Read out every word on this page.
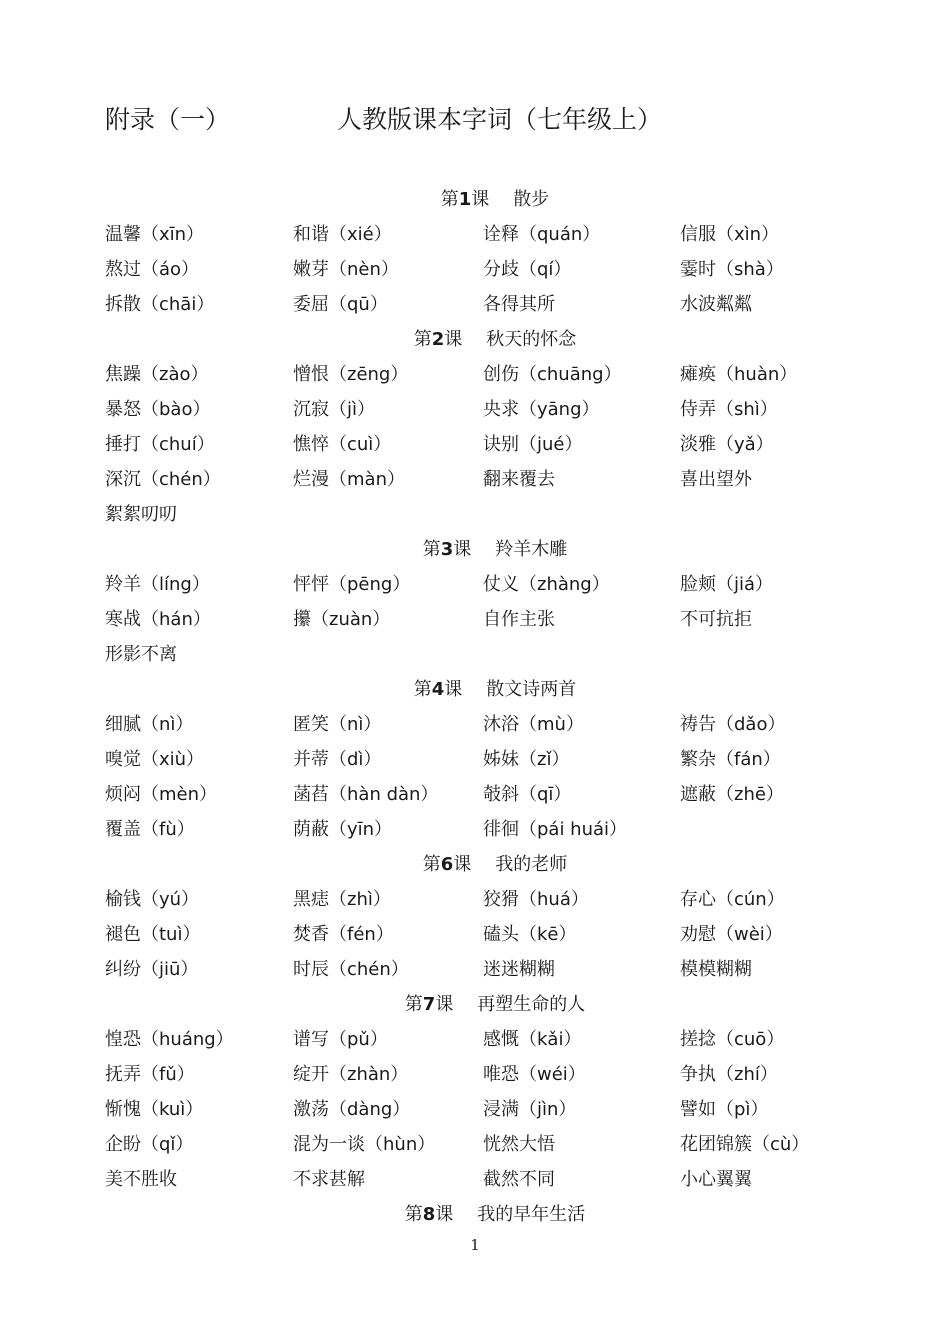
附录（一）	人教版课本字词（七年级上）
第1课 散步
温馨（xīn）	和谐（xié）	诠释（quán）	信服（xìn）
熬过（áo）	嫩芽（nèn）	分歧（qí）	霎时（shà）
拆散（chāi）	委屈（qū）	各得其所	水波粼粼
第2课 秋天的怀念
焦躁（zào）	憎恨（zēng）	创伤（chuāng）	瘫痪（huàn）
暴怒（bào）	沉寂（jì）	央求（yāng）	侍弄（shì）
捶打（chuí）	憔悴（cuì）	诀别（jué）	淡雅（yǎ）
深沉（chén）	烂漫（màn）	翻来覆去	喜出望外
絮絮叨叨
第3课 羚羊木雕
羚羊（líng）	怦怦（pēng）	仗义（zhàng）	脸颊（jiá）
寒战（hán）	攥（zuàn）	自作主张	不可抗拒
形影不离
第4课 散文诗两首
细腻（nì）	匿笑（nì）	沐浴（mù）	祷告（dǎo）
嗅觉（xiù）	并蒂（dì）	姊妹（zǐ）	繁杂（fán）
烦闷（mèn）	菡萏（hàn dàn） 攲斜（qī）	遮蔽（zhē）
覆盖（fù）	荫蔽（yīn）	徘徊（pái huái）
第6课 我的老师
榆钱（yú）	黑痣（zhì）	狡猾（huá）	存心（cún）
褪色（tuì）	焚香（fén）	磕头（kē）	劝慰（wèi）
纠纷（jiū）	时辰（chén）	迷迷糊糊	模模糊糊
第7课 再塑生命的人
惶恐（huáng）	谱写（pǔ）	感慨（kǎi）	搓捻（cuō）
抚弄（fǔ）	绽开（zhàn）	唯恐（wéi）	争执（zhí）
惭愧（kuì）	激荡（dàng）	浸满（jìn）	譬如（pì）
企盼（qǐ）	混为一谈（hùn）	恍然大悟	花团锦簇（cù）
美不胜收	不求甚解	截然不同	小心翼翼
第8课 我的早年生活
1
